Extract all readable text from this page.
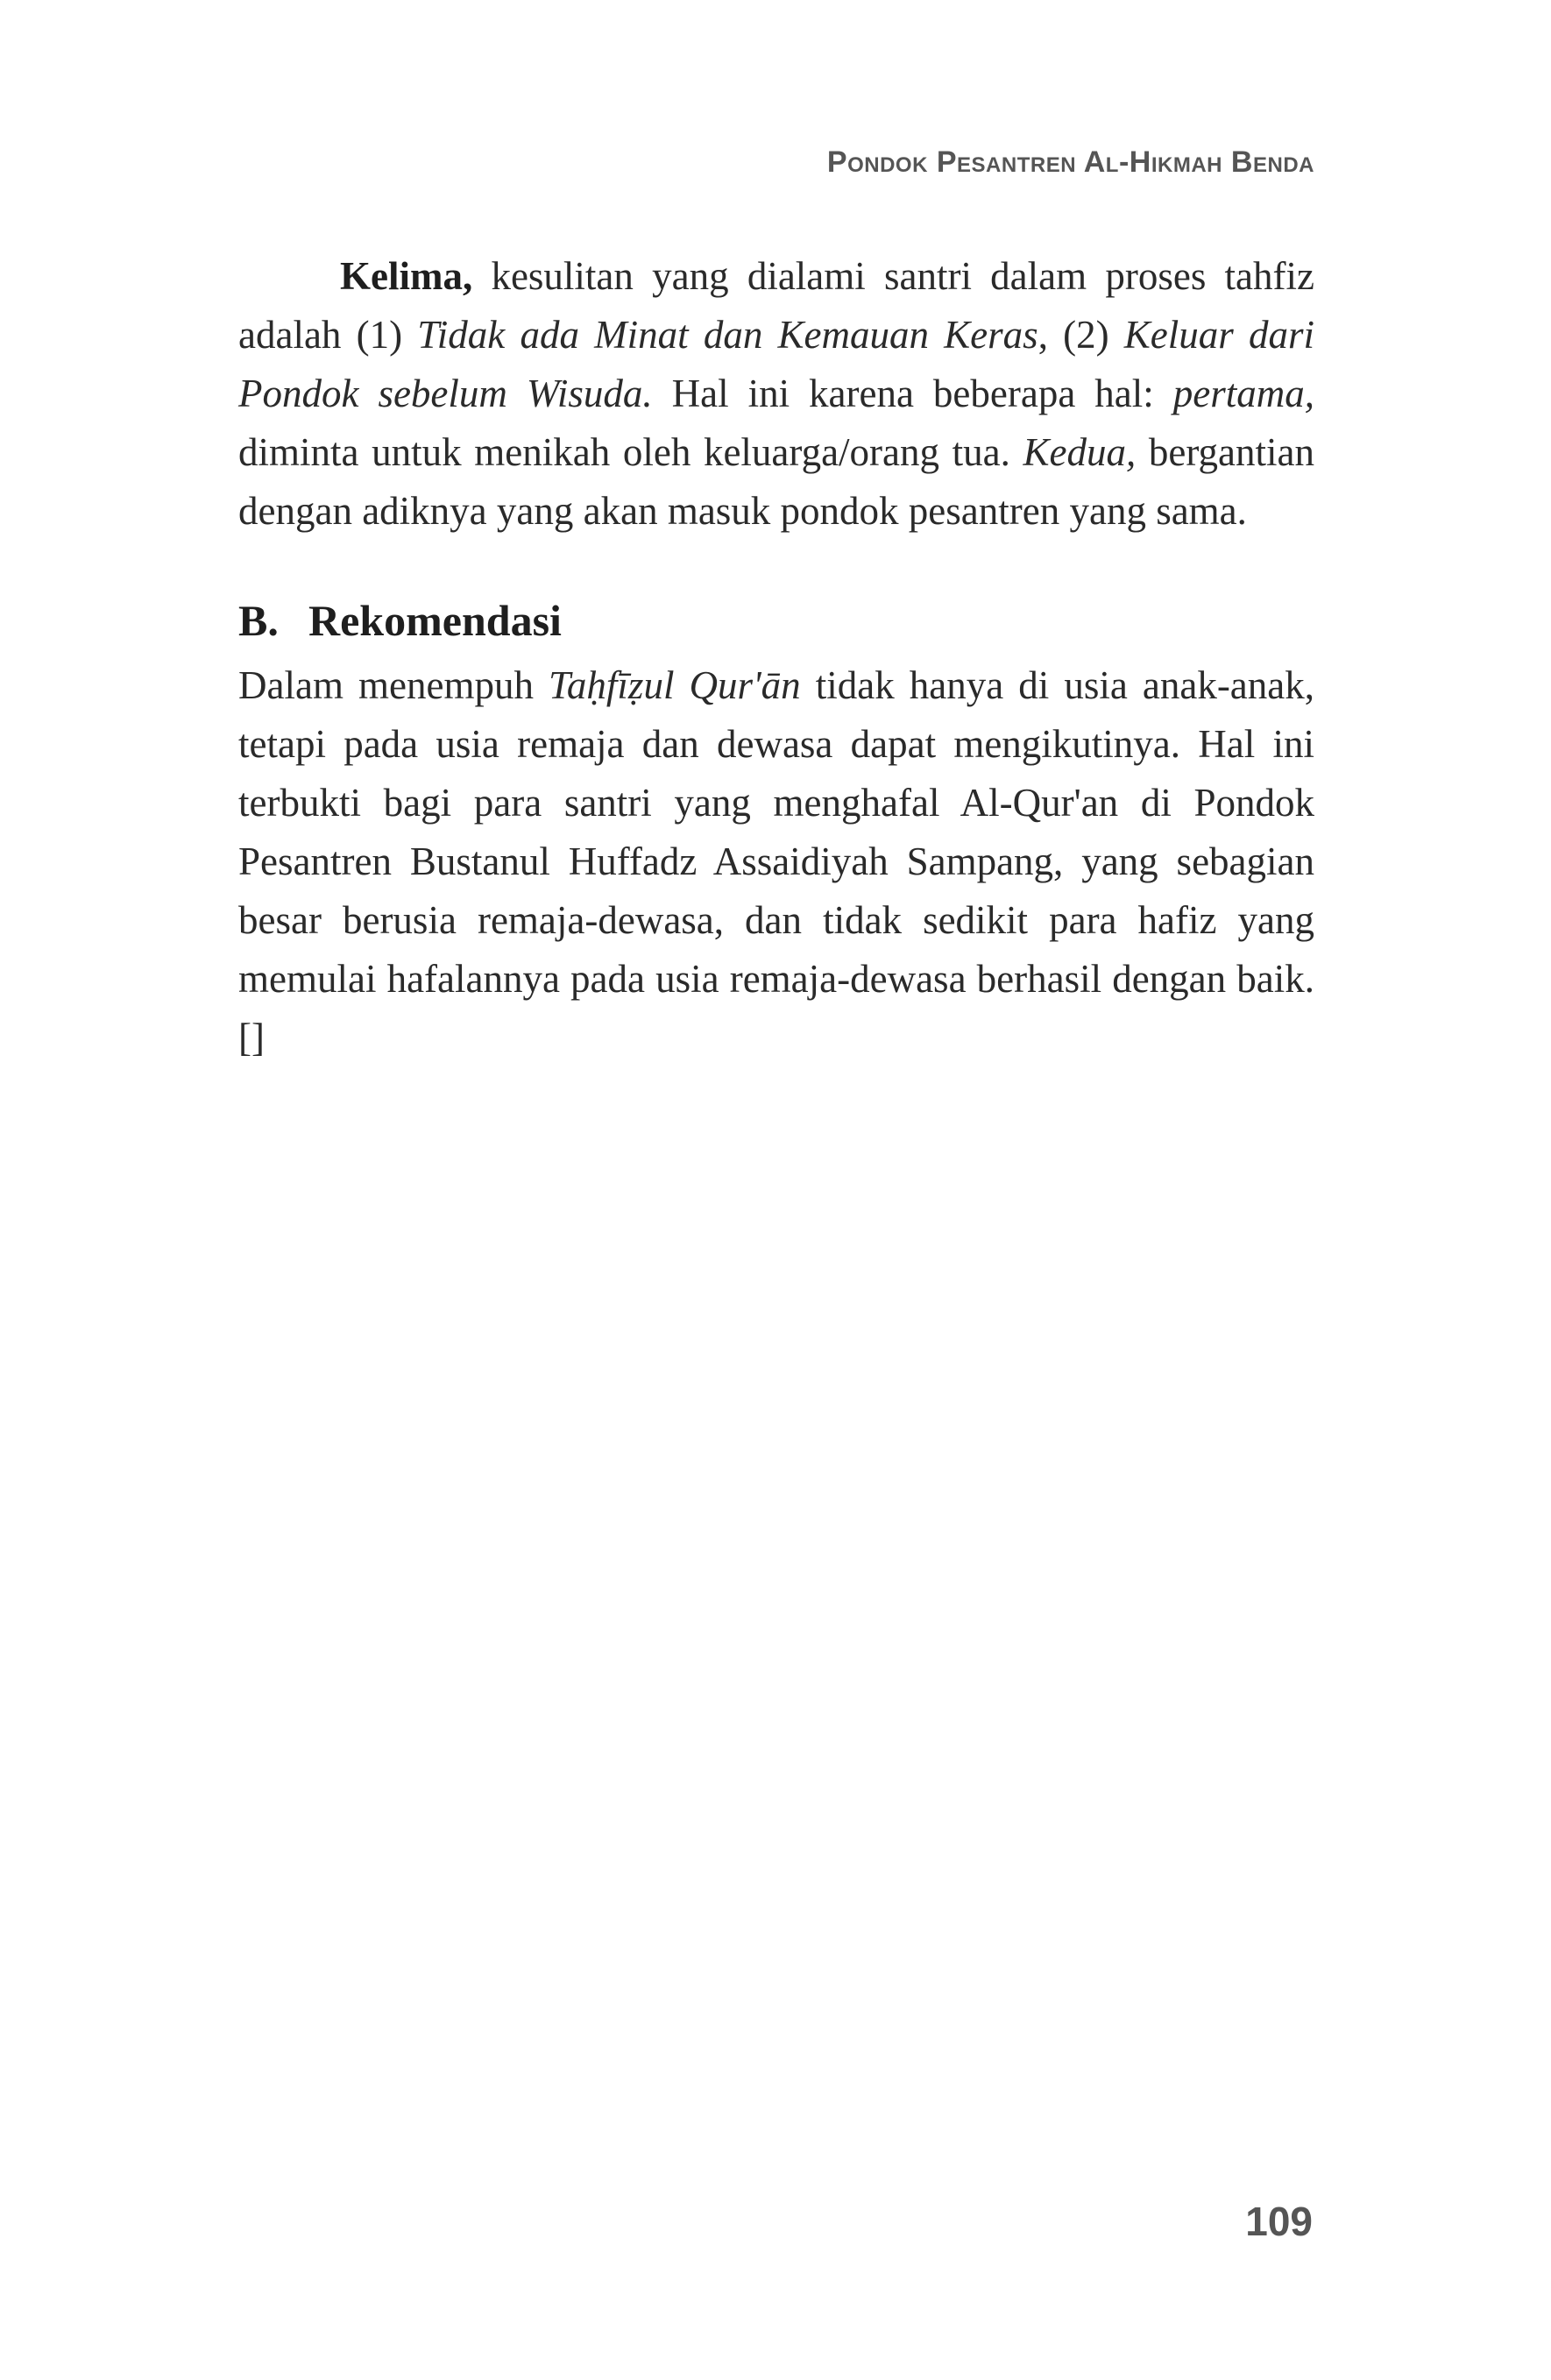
Pondok Pesantren Al-Hikmah Benda

Kelima, kesulitan yang dialami santri dalam proses tahfiz adalah (1) Tidak ada Minat dan Kemauan Keras, (2) Keluar dari Pondok sebelum Wisuda. Hal ini karena beberapa hal: pertama, diminta untuk menikah oleh keluarga/orang tua. Kedua, bergantian dengan adiknya yang akan masuk pondok pesantren yang sama.

B. Rekomendasi

Dalam menempuh Taḥfīẓul Qur'ān tidak hanya di usia anak-anak, tetapi pada usia remaja dan dewasa dapat mengikutinya. Hal ini terbukti bagi para santri yang menghafal Al-Qur'an di Pondok Pesantren Bustanul Huffadz Assaidiyah Sampang, yang sebagian besar berusia remaja-dewasa, dan tidak sedikit para hafiz yang memulai hafalannya pada usia remaja-dewasa berhasil dengan baik.[]

109
